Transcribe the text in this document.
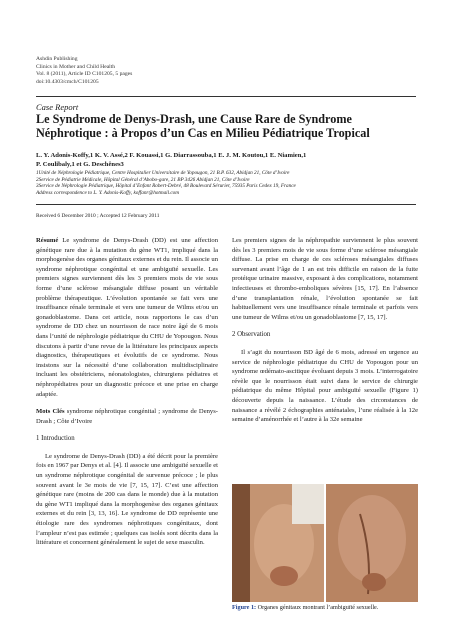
Ashdin Publishing
Clinics in Mother and Child Health
Vol. 8 (2011), Article ID C101205, 5 pages
doi:10.4303/cmch/C101205
Case Report
Le Syndrome de Denys-Drash, une Cause Rare de Syndrome
Néphrotique : à Propos d’un Cas en Milieu Pédiatrique Tropical
L. Y. Adonis-Koffy,1 K. V. Assé,2 F. Kouassi,1 G. Diarrassouba,1 E. J. M. Koutou,1 E. Niamien,1
P. Coulibaly,1 et G. Deschênes3
1Unité de Néphrologie Pédiatrique, Centre Hospitalier Universitaire de Yopougon, 21 B.P. 632, Abidjan 21, Côte d’Ivoire
2Service de Pédiatrie Médicale, Hôpital Général d’Abobo-gare, 21 BP 3426 Abidjan 21, Côte d’Ivoire
3Service de Néphrologie Pédiatrique, Hôpital d’Enfant Robert-Debré, 48 Boulevard Sérurier, 75935 Paris Cedex 19, France
Address correspondence to L. Y. Adonis-Koffy, koffanr@hotmail.com
Received 6 December 2010 ; Accepted 12 February 2011

Résumé Le syndrome de Denys-Drash (DD) est une affection génétique rare due à la mutation du gène WT1, impliqué dans la morphogenèse des organes génitaux externes et du rein. Il associe un syndrome néphrotique congénital et une ambiguïté sexuelle. Les premiers signes surviennent dès les 3 premiers mois de vie sous forme d’une sclérose mésangiale diffuse posant un véritable problème thérapeutique. L’évolution spontanée se fait vers une insuffisance rénale terminale et vers une tumeur de Wilms et/ou un gonadoblastome. Dans cet article, nous rapportons le cas d’un syndrome de DD chez un nourrisson de race noire âgé de 6 mois dans l’unité de néphrologie pédiatrique du CHU de Yopougon. Nous discutons à partir d’une revue de la littérature les principaux aspects diagnostics, thérapeutiques et évolutifs de ce syndrome. Nous insistons sur la nécessité d’une collaboration multidisciplinaire incluant les obstétriciens, néonatologistes, chirurgiens pédiatres et néphropédiatres pour un diagnostic précoce et une prise en charge adaptée.

Mots Clés syndrome néphrotique congénital ; syndrome de Denys-Drash ; Côte d’Ivoire

1 Introduction

Le syndrome de Denys-Drash (DD) a été décrit pour la première fois en 1967 par Denys et al. [4]. Il associe une ambiguïté sexuelle et un syndrome néphrotique congénital de survenue précoce ; le plus souvent avant le 3e mois de vie [7, 15, 17]. C’est une affection génétique rare (moins de 200 cas dans le monde) due à la mutation du gène WT1 impliqué dans la morphogenèse des organes génitaux externes et du rein [3, 13, 16]. Le syndrome de DD représente une étiologie rare des syndromes néphrotiques congénitaux, dont l’ampleur n’est pas estimée ; quelques cas isolés sont décrits dans la littérature et concernent généralement le sujet de sexe masculin.

Les premiers signes de la néphropathie surviennent le plus souvent dès les 3 premiers mois de vie sous forme d’une sclérose mésangiale diffuse. La prise en charge de ces scléroses mésangiales diffuses survenant avant l’âge de 1 an est très difficile en raison de la fuite protéique urinaire massive, exposant à des complications, notamment infectieuses et thrombo-emboliques sévères [15, 17]. En l’absence d’une transplantation rénale, l’évolution spontanée se fait habituellement vers une insuffisance rénale terminale et parfois vers une tumeur de Wilms et/ou un gonadoblastome [7, 15, 17].

2 Observation

Il s’agit du nourrisson BD âgé de 6 mois, adressé en urgence au service de néphrologie pédiatrique du CHU de Yopougon pour un syndrome œdémato-ascitique évoluant depuis 3 mois. L’interrogatoire révèle que le nourrisson était suivi dans le service de chirurgie pédiatrique du même Hôpital pour ambiguïté sexuelle (Figure 1) découverte depuis la naissance. L’étude des circonstances de naissance a révélé 2 échographies anténatales, l’une réalisée à la 12e semaine d’aménorrhée et l’autre à la 32e semaine

Figure 1: Organes génitaux montrant l’ambiguïté sexuelle.
